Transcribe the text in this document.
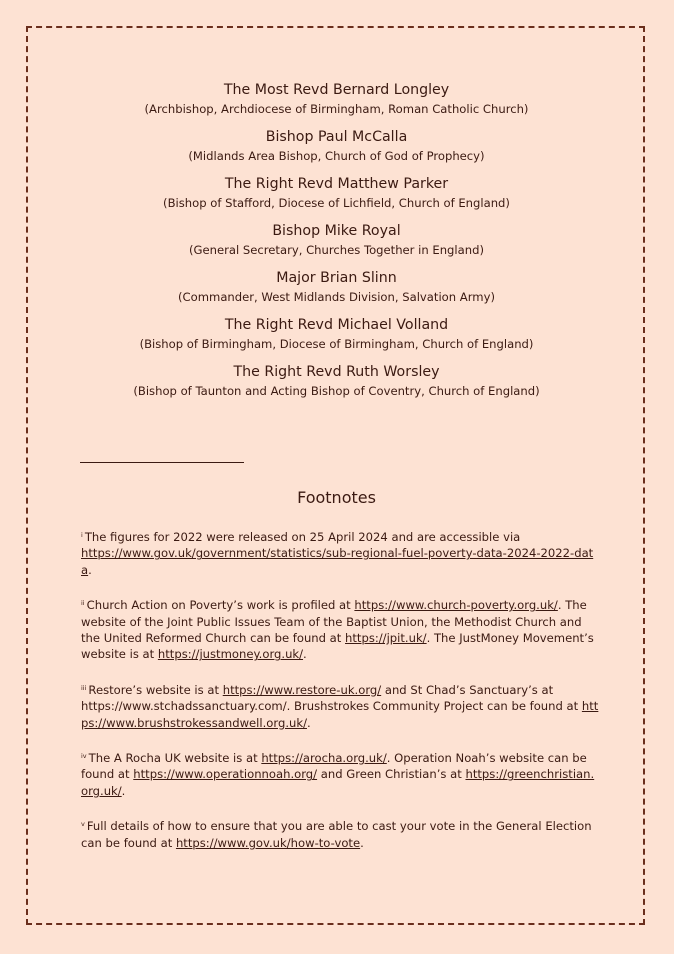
The Most Revd Bernard Longley
(Archbishop, Archdiocese of Birmingham, Roman Catholic Church)

Bishop Paul McCalla
(Midlands Area Bishop, Church of God of Prophecy)

The Right Revd Matthew Parker
(Bishop of Stafford, Diocese of Lichfield, Church of England)

Bishop Mike Royal
(General Secretary, Churches Together in England)

Major Brian Slinn
(Commander, West Midlands Division, Salvation Army)

The Right Revd Michael Volland
(Bishop of Birmingham, Diocese of Birmingham, Church of England)

The Right Revd Ruth Worsley
(Bishop of Taunton and Acting Bishop of Coventry, Church of England)

Footnotes

$^i$ The figures for 2022 were released on 25 April 2024 and are accessible via
https://www.gov.uk/government/statistics/sub-regional-fuel-poverty-data-2024-2022-data.

$^{ii}$ Church Action on Poverty’s work is profiled at https://www.church-poverty.org.uk/. The website of the Joint Public Issues Team of the Baptist Union, the Methodist Church and the United Reformed Church can be found at https://jpit.uk/. The JustMoney Movement’s website is at https://justmoney.org.uk/.

$^{iii}$ Restore’s website is at https://www.restore-uk.org/ and St Chad’s Sanctuary’s at https://www.stchadssanctuary.com/. Brushstrokes Community Project can be found at https://www.brushstrokessandwell.org.uk/.

$^{iv}$ The A Rocha UK website is at https://arocha.org.uk/. Operation Noah’s website can be found at https://www.operationnoah.org/ and Green Christian’s at https://greenchristian.org.uk/.

$^v$ Full details of how to ensure that you are able to cast your vote in the General Election can be found at https://www.gov.uk/how-to-vote.
